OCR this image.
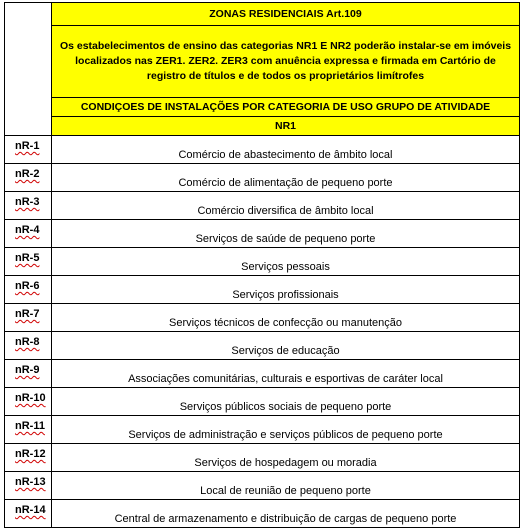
	ZONAS RESIDENCIAIS Art.109
	Os estabelecimentos de ensino das categorias NR1 E NR2 poderão instalar-se em imóveis localizados nas ZER1. ZER2. ZER3 com anuência expressa e firmada em Cartório de registro de títulos e de todos os proprietários limítrofes
	CONDIÇOES DE INSTALAÇÕES POR CATEGORIA DE USO GRUPO DE ATIVIDADE
	NR1
nR-1	Comércio de abastecimento de âmbito local
nR-2	Comércio de alimentação de pequeno porte
nR-3	Comércio diversifica de âmbito local
nR-4	Serviços de saúde de pequeno porte
nR-5	Serviços pessoais
nR-6	Serviços profissionais
nR-7	Serviços técnicos de confecção ou manutenção
nR-8	Serviços de educação
nR-9	Associações comunitárias, culturais e esportivas de caráter local
nR-10	Serviços públicos sociais de pequeno porte
nR-11	Serviços de administração e serviços públicos de pequeno porte
nR-12	Serviços de hospedagem ou moradia
nR-13	Local de reunião de pequeno porte
nR-14	Central de armazenamento e distribuição de cargas de pequeno porte
